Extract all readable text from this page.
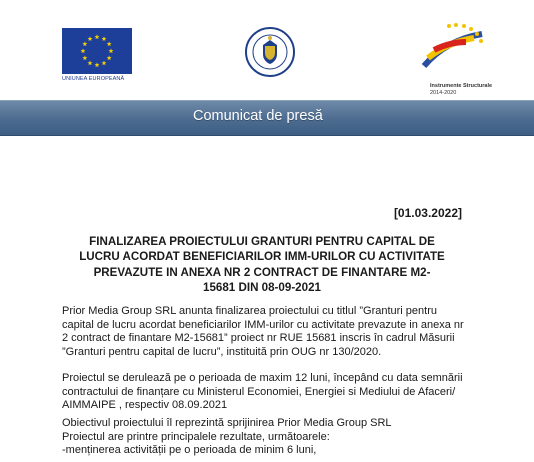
UNIUNEA EUROPEANĂ
Instrumente Structurale
2014-2020
Comunicat de presă
[01.03.2022]
FINALIZAREA PROIECTULUI GRANTURI PENTRU CAPITAL DE
LUCRU ACORDAT BENEFICIARILOR IMM-URILOR CU ACTIVITATE
PREVAZUTE IN ANEXA NR 2 CONTRACT DE FINANTARE M2-
15681 DIN 08-09-2021
Prior Media Group SRL anunta finalizarea proiectului cu titlul ”Granturi pentru
capital de lucru acordat beneficiarilor IMM-urilor cu activitate prevazute in anexa nr
2 contract de finantare M2-15681” proiect nr RUE 15681 inscris în cadrul Măsurii
”Granturi pentru capital de lucru”, instituită prin OUG nr 130/2020.
Proiectul se derulează pe o perioada de maxim 12 luni, începând cu data semnării
contractului de finanțare cu Ministerul Economiei, Energiei si Mediului de Afaceri/
AIMMAIPE , respectiv 08.09.2021
Obiectivul proiectului îl reprezintă sprijinirea Prior Media Group SRL
Proiectul are printre principalele rezultate, următoarele:
-menținerea activității pe o perioada de minim 6 luni,
